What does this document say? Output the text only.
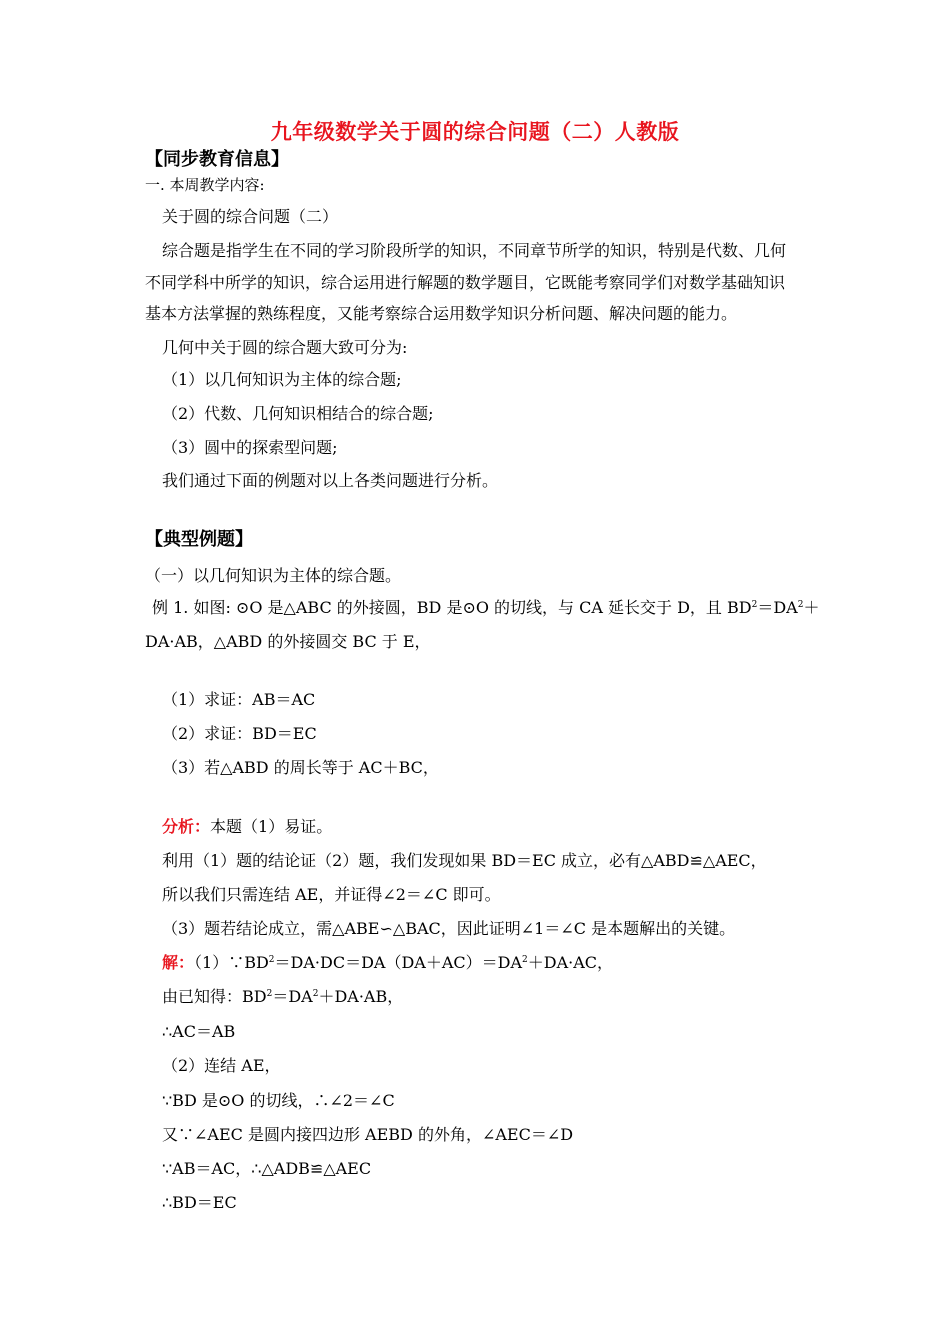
九年级数学关于圆的综合问题（二）人教版
【同步教育信息】
一. 本周教学内容:
关于圆的综合问题（二）
综合题是指学生在不同的学习阶段所学的知识，不同章节所学的知识，特别是代数、几何
不同学科中所学的知识，综合运用进行解题的数学题目，它既能考察同学们对数学基础知识
基本方法掌握的熟练程度，又能考察综合运用数学知识分析问题、解决问题的能力。
几何中关于圆的综合题大致可分为:
（1）以几何知识为主体的综合题;
（2）代数、几何知识相结合的综合题;
（3）圆中的探索型问题;
我们通过下面的例题对以上各类问题进行分析。
【典型例题】
（一）以几何知识为主体的综合题。
例 1. 如图: ⊙O 是△ABC 的外接圆，BD 是⊙O 的切线，与 CA 延长交于 D，且 $BD^2=DA^2+$
DA·AB，△ABD 的外接圆交 BC 于 E，
（1）求证：AB＝AC
（2）求证：BD＝EC
（3）若△ABD 的周长等于 AC＋BC，
分析：本题（1）易证。
利用（1）题的结论证（2）题，我们发现如果 BD＝EC 成立，必有△ABD≌△AEC，
所以我们只需连结 AE，并证得∠2＝∠C 即可。
（3）题若结论成立，需△ABE∽△BAC，因此证明∠1＝∠C 是本题解出的关键。
解：$(1)\because BD^2=DA\cdot DC=DA(DA+AC)=DA^2+DA\cdot AC$，
由已知得：$BD^2=DA^2+DA\cdot AB$，
∴AC＝AB
（2）连结 AE，
∵BD 是⊙O 的切线，∴∠2＝∠C
又∵∠AEC 是圆内接四边形 AEBD 的外角，∠AEC＝∠D
∵AB＝AC，∴△ADB≌△AEC
∴BD＝EC
